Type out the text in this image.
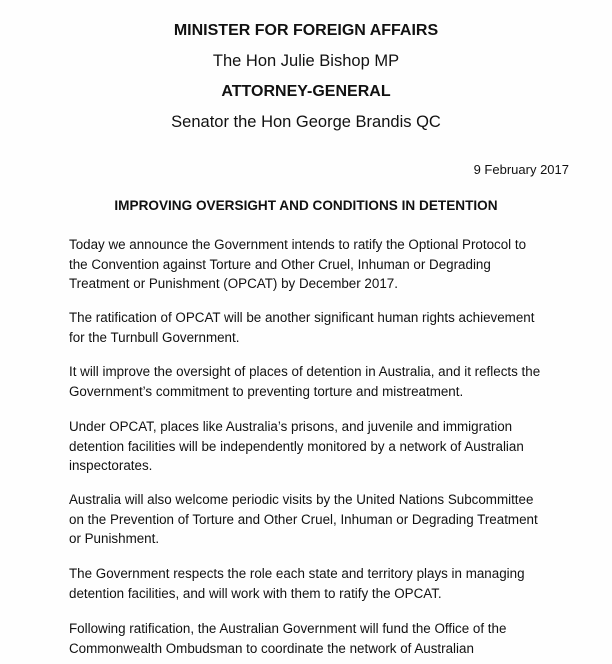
MINISTER FOR FOREIGN AFFAIRS
The Hon Julie Bishop MP
ATTORNEY-GENERAL
Senator the Hon George Brandis QC
9 February 2017
IMPROVING OVERSIGHT AND CONDITIONS IN DETENTION

Today we announce the Government intends to ratify the Optional Protocol to
the Convention against Torture and Other Cruel, Inhuman or Degrading
Treatment or Punishment (OPCAT) by December 2017.

The ratification of OPCAT will be another significant human rights achievement
for the Turnbull Government.

It will improve the oversight of places of detention in Australia, and it reflects the
Government’s commitment to preventing torture and mistreatment.

Under OPCAT, places like Australia’s prisons, and juvenile and immigration
detention facilities will be independently monitored by a network of Australian
inspectorates.

Australia will also welcome periodic visits by the United Nations Subcommittee
on the Prevention of Torture and Other Cruel, Inhuman or Degrading Treatment
or Punishment.

The Government respects the role each state and territory plays in managing
detention facilities, and will work with them to ratify the OPCAT.

Following ratification, the Australian Government will fund the Office of the
Commonwealth Ombudsman to coordinate the network of Australian
